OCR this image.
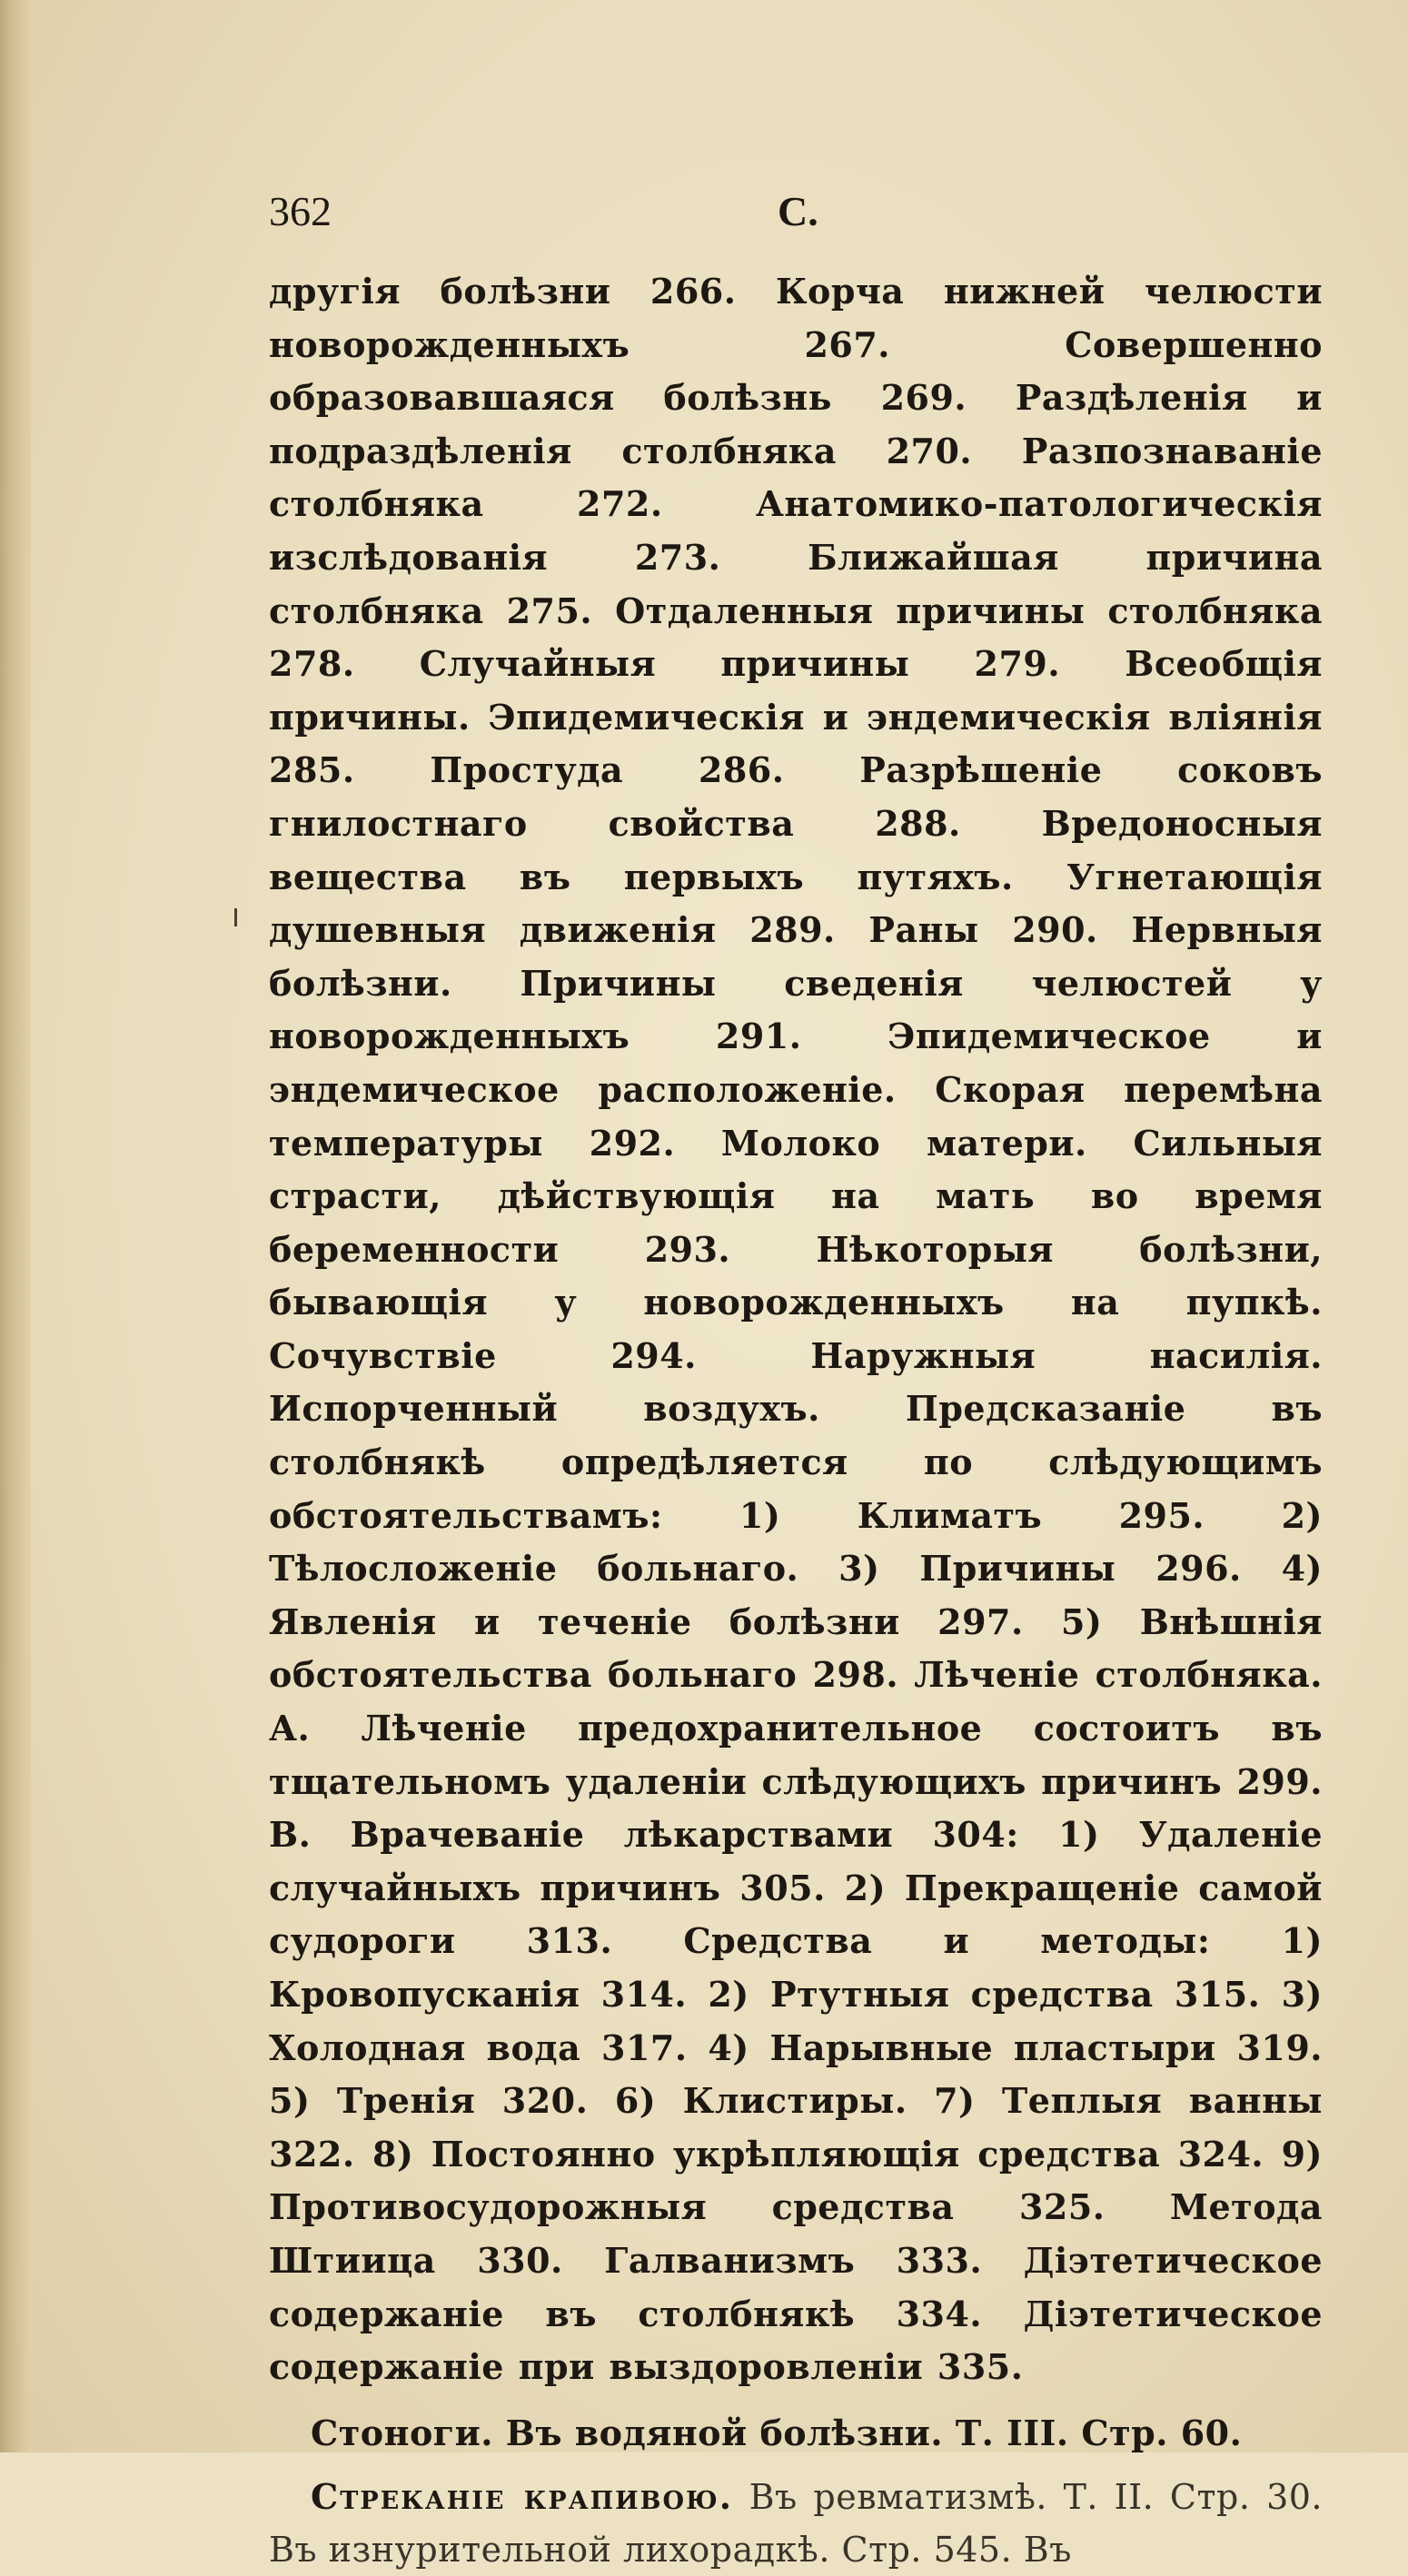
362	С.

другія болѣзни 266. Корча нижней челюсти новорожденныхъ 267. Совершенно образовавшаяся болѣзнь 269. Раздѣленія и подраздѣленія столбняка 270. Разпознаваніе столбняка 272. Анатомико-патологическія изслѣдованія 273. Ближайшая причина столбняка 275. Отдаленныя причины столбняка 278. Случайныя причины 279. Всеобщія причины. Эпидемическія и эндемическія вліянія 285. Простуда 286. Разрѣшеніе соковъ гнилостнаго свойства 288. Вредоносныя вещества въ первыхъ путяхъ. Угнетающія душевныя движенія 289. Раны 290. Нервныя болѣзни. Причины сведенія челюстей у новорожденныхъ 291. Эпидемическое и эндемическое расположеніе. Скорая перемѣна температуры 292. Молоко матери. Сильныя страсти, дѣйствующія на мать во время беременности 293. Нѣкоторыя болѣзни, бывающія у новорожденныхъ на пупкѣ. Сочувствіе 294. Наружныя насилія. Испорченный воздухъ. Предсказаніе въ столбнякѣ опредѣляется по слѣдующимъ обстоятельствамъ: 1) Климатъ 295. 2) Тѣлосложеніе больнаго. 3) Причины 296. 4) Явленія и теченіе болѣзни 297. 5) Внѣшнія обстоятельства больнаго 298. Лѣченіе столбняка. А. Лѣченіе предохранительное состоитъ въ тщательномъ удаленіи слѣдующихъ причинъ 299. В. Врачеваніе лѣкарствами 304: 1) Удаленіе случайныхъ причинъ 305. 2) Прекращеніе самой судороги 313. Средства и методы: 1) Кровопусканія 314. 2) Ртутныя средства 315. 3) Холодная вода 317. 4) Нарывные пластыри 319. 5) Тренія 320. 6) Клистиры. 7) Теплыя ванны 322. 8) Постоянно укрѣпляющія средства 324. 9) Противосудорожныя средства 325. Метода Штиица 330. Галванизмъ 333. Діэтетическое содержаніе въ столбнякѣ 334. Діэтетическое содержаніе при выздоровленіи 335.

Стоноги. Въ водяной болѣзни. Т. III. Стр. 60.

Стреканіе крапивою. Въ ревматизмѣ. Т. II. Стр. 30. Въ изнурительной лихорадкѣ. Стр. 545. Въ
